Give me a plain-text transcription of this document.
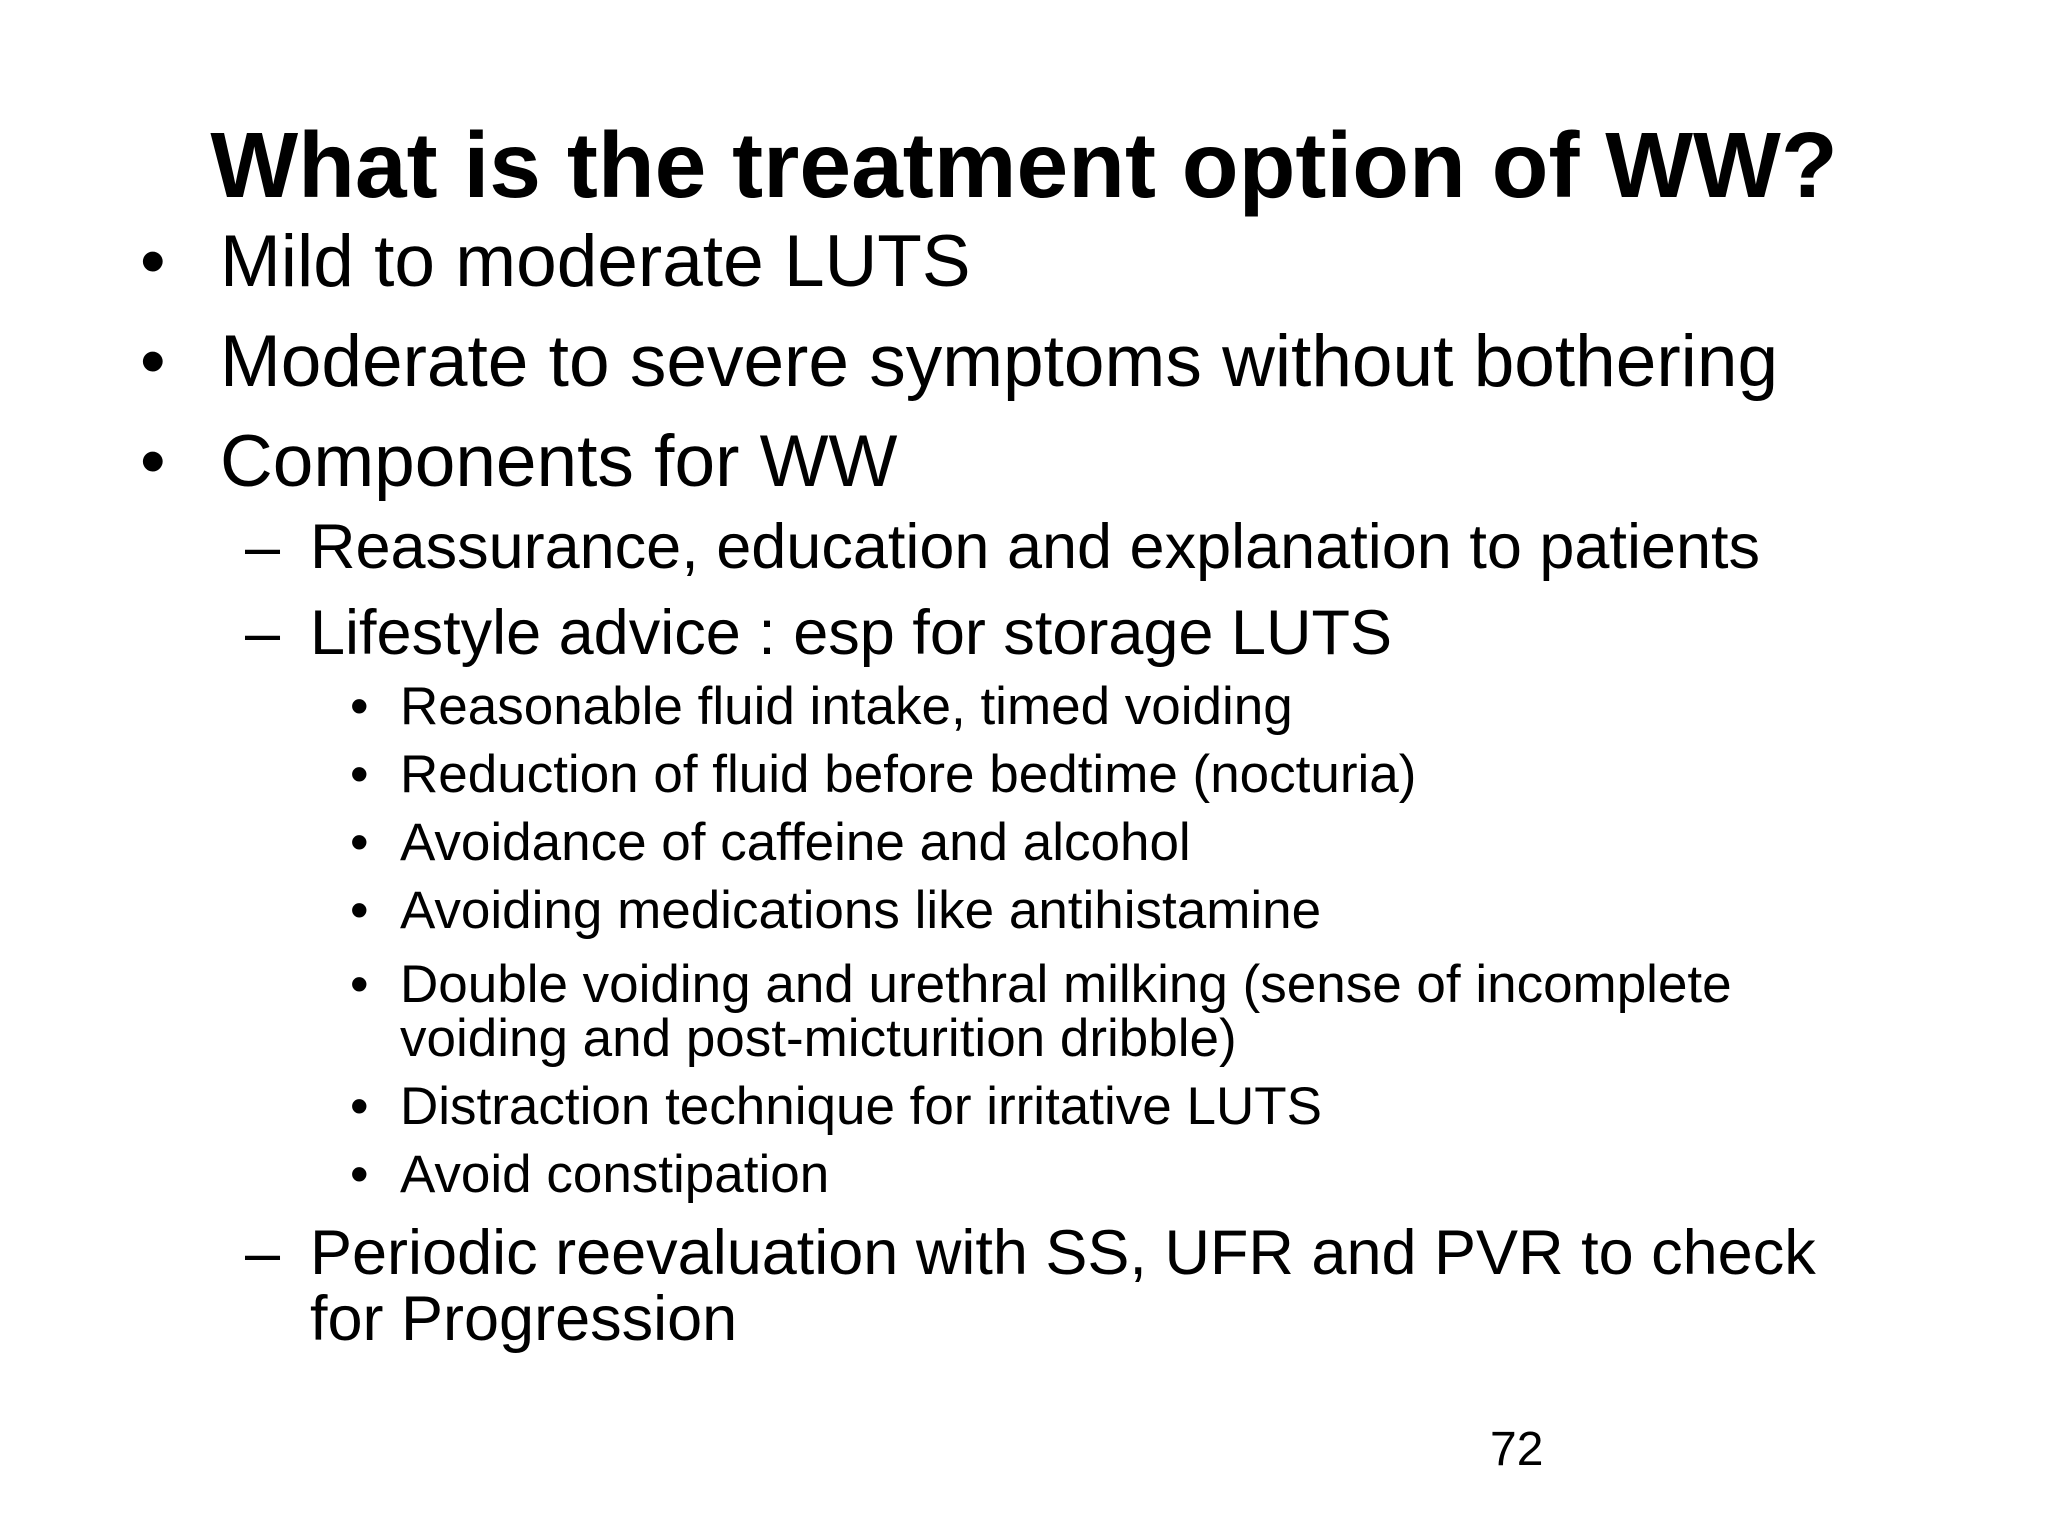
What is the treatment option of WW?
• Mild to moderate LUTS
• Moderate to severe symptoms without bothering
• Components for WW
– Reassurance, education and explanation to patients
– Lifestyle advice : esp for storage LUTS
• Reasonable fluid intake, timed voiding
• Reduction of fluid before bedtime (nocturia)
• Avoidance of caffeine and alcohol
• Avoiding medications like antihistamine
• Double voiding and urethral milking (sense of incomplete
voiding and post-micturition dribble)
• Distraction technique for irritative LUTS
• Avoid constipation
– Periodic reevaluation with SS, UFR and PVR to check
for Progression
72
